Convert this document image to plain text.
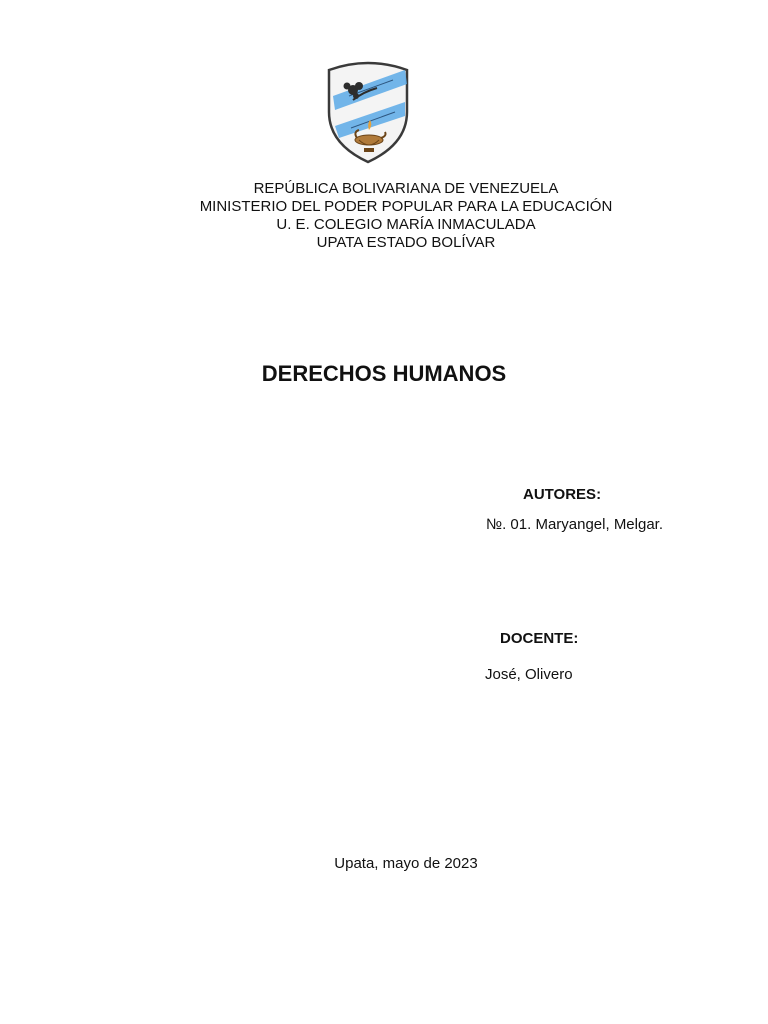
REPÚBLICA BOLIVARIANA DE VENEZUELA
MINISTERIO DEL PODER POPULAR PARA LA EDUCACIÓN
U. E. COLEGIO MARÍA INMACULADA
UPATA ESTADO BOLÍVAR
DERECHOS HUMANOS
AUTORES:
№. 01. Maryangel, Melgar.
DOCENTE:
José, Olivero
Upata, mayo de 2023
